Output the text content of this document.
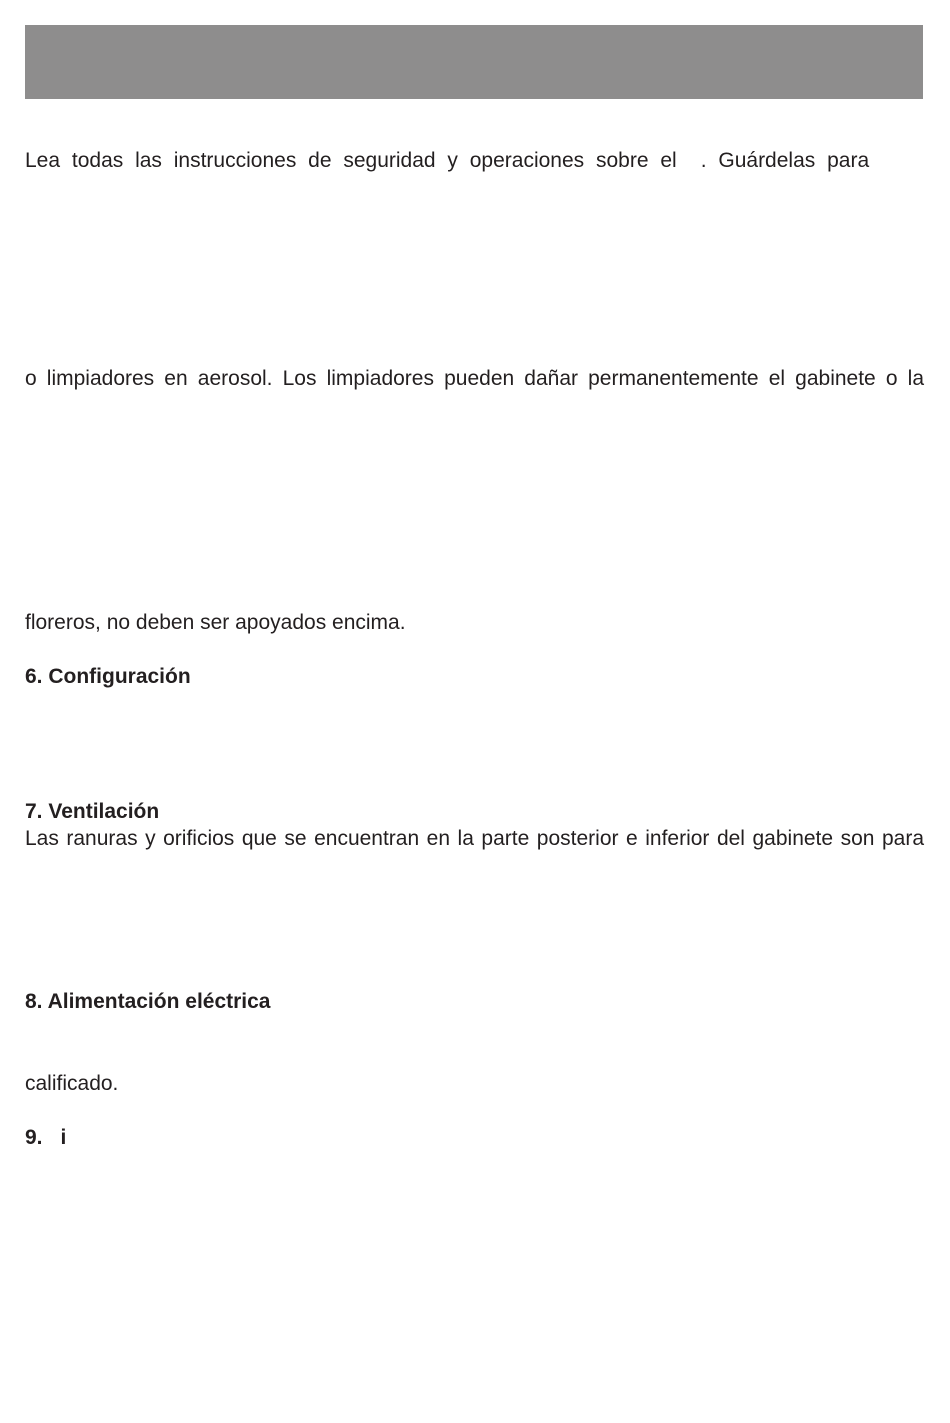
Lea todas las instrucciones de seguridad y operaciones sobre el . Guárdelas para
o limpiadores en aerosol. Los limpiadores pueden dañar permanentemente el gabinete o la
floreros, no deben ser apoyados encima.
6. Configuración
7. Ventilación
Las ranuras y orificios que se encuentran en la parte posterior e inferior del gabinete son para
8. Alimentación eléctrica
calificado.
9. i
